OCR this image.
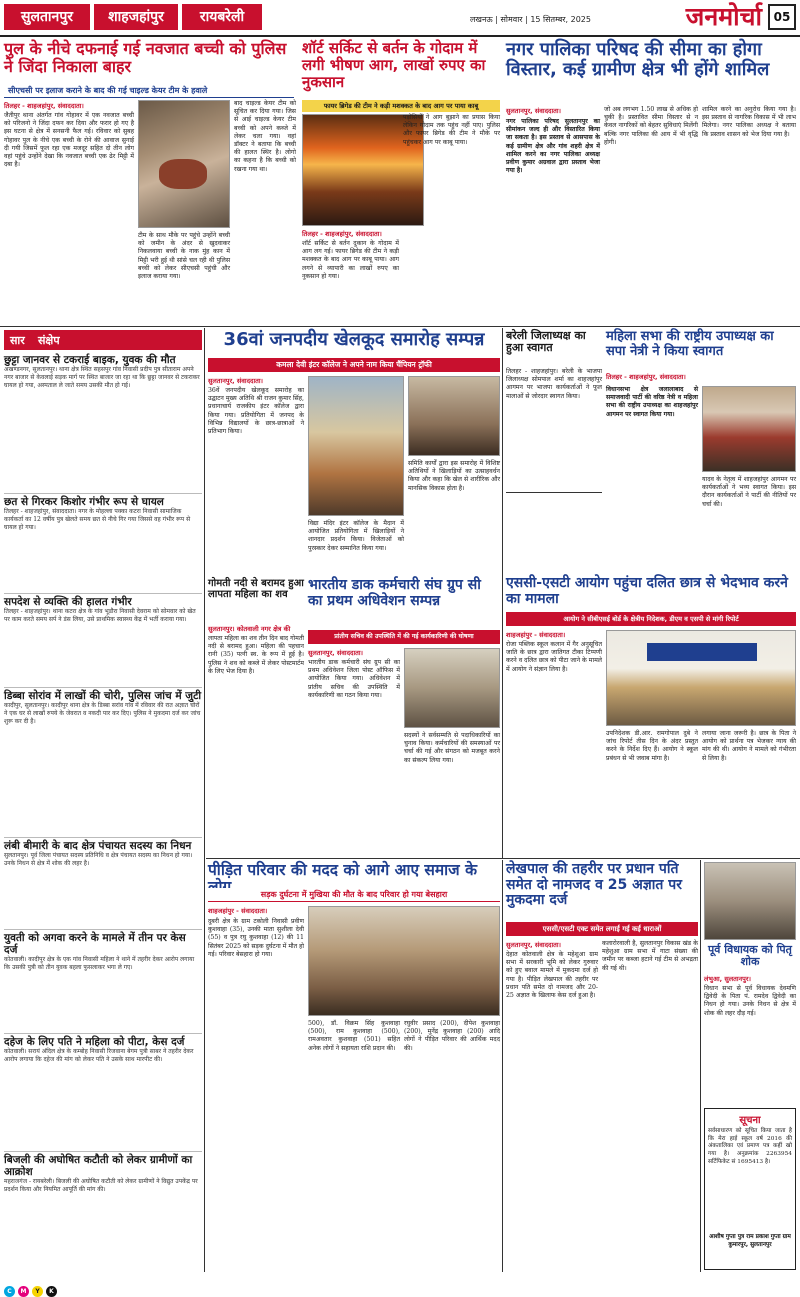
सुलतानपुर	शाहजहांपुर	रायबरेली	लखनऊ | सोमवार | 15 सितम्बर, 2025	जनमोर्चा 05
पुल के नीचे दफनाई गई नवजात बच्ची को पुलिस ने जिंदा निकाला बाहर
सीएचसी पर इलाज कराने के बाद की गई चाइल्ड केयर टीम के हवाले
तिलहर - शाहजहांपुर, संवाददाता।
जैतीपुर थाना अंतर्गत गांव गोहावर में एक नवजात बच्ची को परिजनो ने जिंदा दफन कर दिया और फरार हो गए है इस घटना से क्षेत्र में सनसनी फैल गई। रविवार को सुबह गोहावर पुल के नीचे एक बच्ची के रोने की आवाज सुनाई दी गयी जिसमें फूल रहा एक मजदूर सहित दो तीन लोग वहां पहुंचे उन्होंने देखा कि नवजात बच्ची एक ढेर मिट्टी में दबा है।
टीम के साथ मौके पर पहुंचे उन्होंने बच्ची को जमीन के अंदर से खुदवाकर निकलवाया बच्ची के नाक मुंह कान में मिट्टी भरी हुई थी सांसे चल रही थी पुलिस बच्ची को लेकर सीएचसी पहुंची और इलाज कराया गया।
बाद चाइल्ड केयर टीम को सूचित कर दिया गया। जिस से आई चाइल्ड केयर टीम बच्ची को अपने कब्जे में लेकर चला गया। वहां डॉक्टर ने बताया कि बच्ची की हालत स्थिर है। लोगो का कहना है कि बच्ची को रखना गया था।
शॉर्ट सर्किट से बर्तन के गोदाम में लगी भीषण आग, लाखों रुपए का नुकसान
फायर ब्रिगेड की टीम ने कड़ी मशक्कत के बाद आग पर पाया काबू
तिलहर - शाहजहांपुर, संवाददाता।
शॉर्ट सर्किट से बर्तन दुकान के गोदाम में आग लग गई। फायर ब्रिगेड की टीम ने कड़ी मशक्कत के बाद आग पर काबू पाया। आग लगने से व्यापारी का लाखों रुपए का नुकसान हो गया।
पड़ोसियों ने आग बुझाने का प्रयास किया लेकिन गोदाम तक पहुंच नहीं पाए। पुलिस और फायर ब्रिगेड की टीम ने मौके पर पहुंचकर आग पर काबू पाया।
नगर पालिका परिषद की सीमा का होगा विस्तार, कई ग्रामीण क्षेत्र भी होंगे शामिल
सुलतानपुर, संवाददाता।
नगर पालिका परिषद सुलतानपुर का सीमांकन जल्द ही और विस्तारित किया जा सकता है। इस प्रस्ताव से आसपास के कई ग्रामीण क्षेत्र और गांव शहरी क्षेत्र में शामिल करने का नगर पालिका अध्यक्ष प्रवीण कुमार अग्रवाल द्वारा प्रस्ताव भेजा गया है।
जो अब लगभग 1.50 लाख से अधिक हो चुकी है। प्रस्तावित सीमा विस्तार से न केवल नागरिकों को बेहतर सुविधाएं मिलेंगी बल्कि नगर पालिका की आय में भी वृद्धि होगी।
शामिल करने का अनुरोध किया गया है। इस प्रस्ताव से नागरिक विकास में भी लाभ मिलेगा। नगर पालिका अध्यक्ष ने बताया कि प्रस्ताव शासन को भेज दिया गया है।
सार संक्षेप
छुट्टा जानवर से टकराई बाइक, युवक की मौत
अखण्डनगर, सुलतानपुर। थाना क्षेत्र स्थित सहसपुर गांव निवासी प्रदीप पुत्र सीताराम अपने नगर बाजार से केवलाई सड़क मार्ग पर स्थित बाजार जा रहा था कि छुट्टा जानवर से टकराकर घायल हो गया, अस्पताल ले जाते समय उसकी मौत हो गई।
छत से गिरकर किशोर गंभीर रूप से घायल
तिलहर - शाहजहांपुर, संवाददाता। नगर के मोहल्ला पक्का कटरा निवासी सामाजिक कार्यकर्ता का 12 वर्षीय पुत्र खेलते समय छत से नीचे गिर गया जिससे वह गंभीर रूप से घायल हो गया।
सपदेश से व्यक्ति की हालत गंभीर
तिलहर - शाहजहांपुर। थाना कटरा क्षेत्र के गांव भूडौरा निवासी देवराम को सोमवार को खेत पर काम करते समय सर्प ने डंस लिया, उसे प्राथमिक स्वास्थ्य केंद्र में भर्ती कराया गया।
डिब्बा सोरांव में लाखों की चोरी, पुलिस जांच में जुटी
कादीपुर, सुलतानपुर। कादीपुर थाना क्षेत्र के डिब्बा सरांव गांव में रविवार की रात अज्ञात चोरों ने एक घर से लाखों रुपये के जेवरात व नकदी पार कर दिए। पुलिस ने मुकदमा दर्ज कर जांच शुरू कर दी है।
लंबी बीमारी के बाद क्षेत्र पंचायत सदस्य का निधन
सुलतानपुर। पूर्व जिला पंचायत सदस्य प्रतिनिधि व क्षेत्र पंचायत सदस्य का निधन हो गया। उनके निधन से क्षेत्र में शोक की लहर है।
युवती को अगवा करने के मामले में तीन पर केस दर्ज
कोतवाली। कादीपुर क्षेत्र के एक गांव निवासी महिला ने थाने में तहरीर देकर आरोप लगाया कि उसकी पुत्री को तीन युवक बहला फुसलाकर भगा ले गए।
दहेज के लिए पति ने महिला को पीटा, केस दर्ज
कोतवाली। सरायं अंदिल क्षेत्र के कम्बोह निवासी रिजवाना बेगम पुत्री साबर ने तहरीर देकर आरोप लगाया कि दहेज की मांग को लेकर पति ने उसके साथ मारपीट की।
बिजली की अघोषित कटौती को लेकर ग्रामीणों का आक्रोश
महराजगंज - रायबरेली। बिजली की अघोषित कटौती को लेकर ग्रामीणों ने विद्युत उपकेंद्र पर प्रदर्शन किया और नियमित आपूर्ति की मांग की।
36वां जनपदीय खेलकूद समारोह सम्पन्न
कमला देवी इंटर कॉलेज ने अपने नाम किया चैंपियन ट्रॉफी
सुलतानपुर, संवाददाता।
36वें जनपदीय खेलकूद समारोह का उद्घाटन मुख्य अतिथि श्री राजन कुमार सिंह, प्रधानाचार्य राजकीय इंटर कॉलेज द्वारा किया गया। प्रतियोगिता में जनपद के विभिन्न विद्यालयों के छात्र-छात्राओं ने प्रतिभाग किया।
विद्या मंदिर इंटर कॉलेज के मैदान में आयोजित प्रतियोगिता में खिलाड़ियों ने शानदार प्रदर्शन किया। विजेताओं को पुरस्कार देकर सम्मानित किया गया।
समिति कार्यों द्वारा इस समारोह में विशिष्ट अतिथियों ने खिलाड़ियों का उत्साहवर्धन किया और कहा कि खेल से शारीरिक और मानसिक विकास होता है।
गोमती नदी से बरामद हुआ लापता महिला का शव
सुलतानपुर। कोतवाली नगर क्षेत्र की
लापता महिला का शव तीन दिन बाद गोमती नदी से बरामद हुआ। महिला की पहचान रानी (35) पत्नी स्व. के रूप में हुई है। पुलिस ने शव को कब्जे में लेकर पोस्टमार्टम के लिए भेज दिया है।
भारतीय डाक कर्मचारी संघ ग्रुप सी का प्रथम अधिवेशन सम्पन्न
प्रांतीय सचिव की उपस्थिति में की गई कार्यकारिणी की घोषणा
सुलतानपुर, संवाददाता।
भारतीय डाक कर्मचारी संघ ग्रुप सी का प्रथम अधिवेशन जिला पोस्ट ऑफिस में आयोजित किया गया। अधिवेशन में प्रांतीय सचिव की उपस्थिति में कार्यकारिणी का गठन किया गया।
सदस्यों ने सर्वसम्मति से पदाधिकारियों का चुनाव किया। कर्मचारियों की समस्याओं पर चर्चा की गई और संगठन को मजबूत करने का संकल्प लिया गया।
बरेली जिलाध्यक्ष का हुआ स्वागत
तिलहर - शाहजहांपुर। बरेली के भाजपा जिलाध्यक्ष सोमपाल शर्मा का शाहजहांपुर आगमन पर भाजपा कार्यकर्ताओं ने फूल मालाओं से जोरदार स्वागत किया।
महिला सभा की राष्ट्रीय उपाध्यक्ष का सपा नेत्री ने किया स्वागत
तिलहर - शाहजहांपुर, संवाददाता।
विधानसभा क्षेत्र जलालाबाद से समाजवादी पार्टी की वरिष्ठ नेत्री व महिला सभा की राष्ट्रीय उपाध्यक्ष का शाहजहांपुर आगमन पर स्वागत किया गया।
यादव के नेतृत्व में शाहजहांपुर आगमन पर कार्यकर्ताओं ने भव्य स्वागत किया। इस दौरान कार्यकर्ताओं ने पार्टी की नीतियों पर चर्चा की।
एससी-एसटी आयोग पहुंचा दलित छात्र से भेदभाव करने का मामला
आयोग ने सीबीएसई बोर्ड के क्षेत्रीय निदेशक, डीएम व एसपी से मांगी रिपोर्ट
शाहजहांपुर - संवाददाता।
रोजा पब्लिक स्कूल कलान में गैर अनुसूचित जाति के छात्र द्वारा जातिगत टीका टिप्पणी करने व दलित छात्र को पीटा जाने के मामले में आयोग ने संज्ञान लिया है।
उपनिदेशक डी.आर. रामगोपाल दुबे ने जांच रिपोर्ट तीस दिन के अंदर प्रस्तुत करने के निर्देश दिए हैं। आयोग ने स्कूल प्रबंधन से भी जवाब मांगा है।
लगाया जाना जरूरी है। छात्र के पिता ने आयोग को प्रार्थना पत्र भेजकर न्याय की मांग की थी। आयोग ने मामले को गंभीरता से लिया है।
पीड़ित परिवार की मदद को आगे आए समाज के
सड़क दुर्घटना में मुखिया की मौत के बाद परिवार हो गया बेसहारा
शाहजहांपुर - संवाददाता।
दुबरी क्षेत्र के ग्राम टकोली निवासी प्रवीण कुशवाहा (35), उनकी माता सुशीला देवी (55) व पुत्र रघु कुशवाहा (12) की 11 सितंबर 2025 को सड़क दुर्घटना में मौत हो गई। परिवार बेसहारा हो गया।
500), डॉ. विक्रम सिंह कुशवाहा (500), राम कुशवाहा (500), रामअवतार कुशवाहा (501) सहित अनेक लोगों ने सहायता राशि प्रदान की।
रघुवीर प्रसाद (200), दीपेश कुशवाहा (200), मुनेंद्र कुशवाहा (200) आदि लोगों ने पीड़ित परिवार की आर्थिक मदद की।
लेखपाल की तहरीर पर प्रधान पति समेत दो नामजद व 25 अज्ञात पर मुकदमा दर्ज
एससी/एसटी एक्ट समेत लगाई गई कई धाराओं
सुलतानपुर, संवाददाता।
देहात कोतवाली क्षेत्र के महेशुआ ग्राम सभा में सरकारी भूमि को लेकर गुरुवार को हुए बवाल मामले में मुकदमा दर्ज हो गया है। पीड़ित लेखपाल की तहरीर पर प्रधान पति समेत दो नामजद और 20-25 अज्ञात के खिलाफ केस दर्ज हुआ है।
कलारोरवाली है, सुलतानपुर विकास खंड के महेशुआ ग्राम सभा में गाटा संख्या की जमीन पर कब्जा हटाने गई टीम से अभद्रता की गई थी।
पूर्व विधायक को पितृ शोक
लंभुआ, सुलतानपुर।
विधान सभा से पूर्व विधायक देवमणि द्विवेदी के पिता पं. रामदेव द्विवेदी का निधन हो गया। उनके निधन से क्षेत्र में शोक की लहर दौड़ गई।
सूचना
सर्वसाधारण को सूचित किया जाता है कि मेरा हाई स्कूल वर्ष 2016 की अंकतालिका एवं प्रमाण पत्र कहीं खो गया है। अनुक्रमांक 2263954 सर्टिफिकेट सं 1695413 है।
आशीष गुप्ता पुत्र राम प्रकाश गुप्ता ग्राम कुमारपुर, सुलतानपुर
C M Y K
